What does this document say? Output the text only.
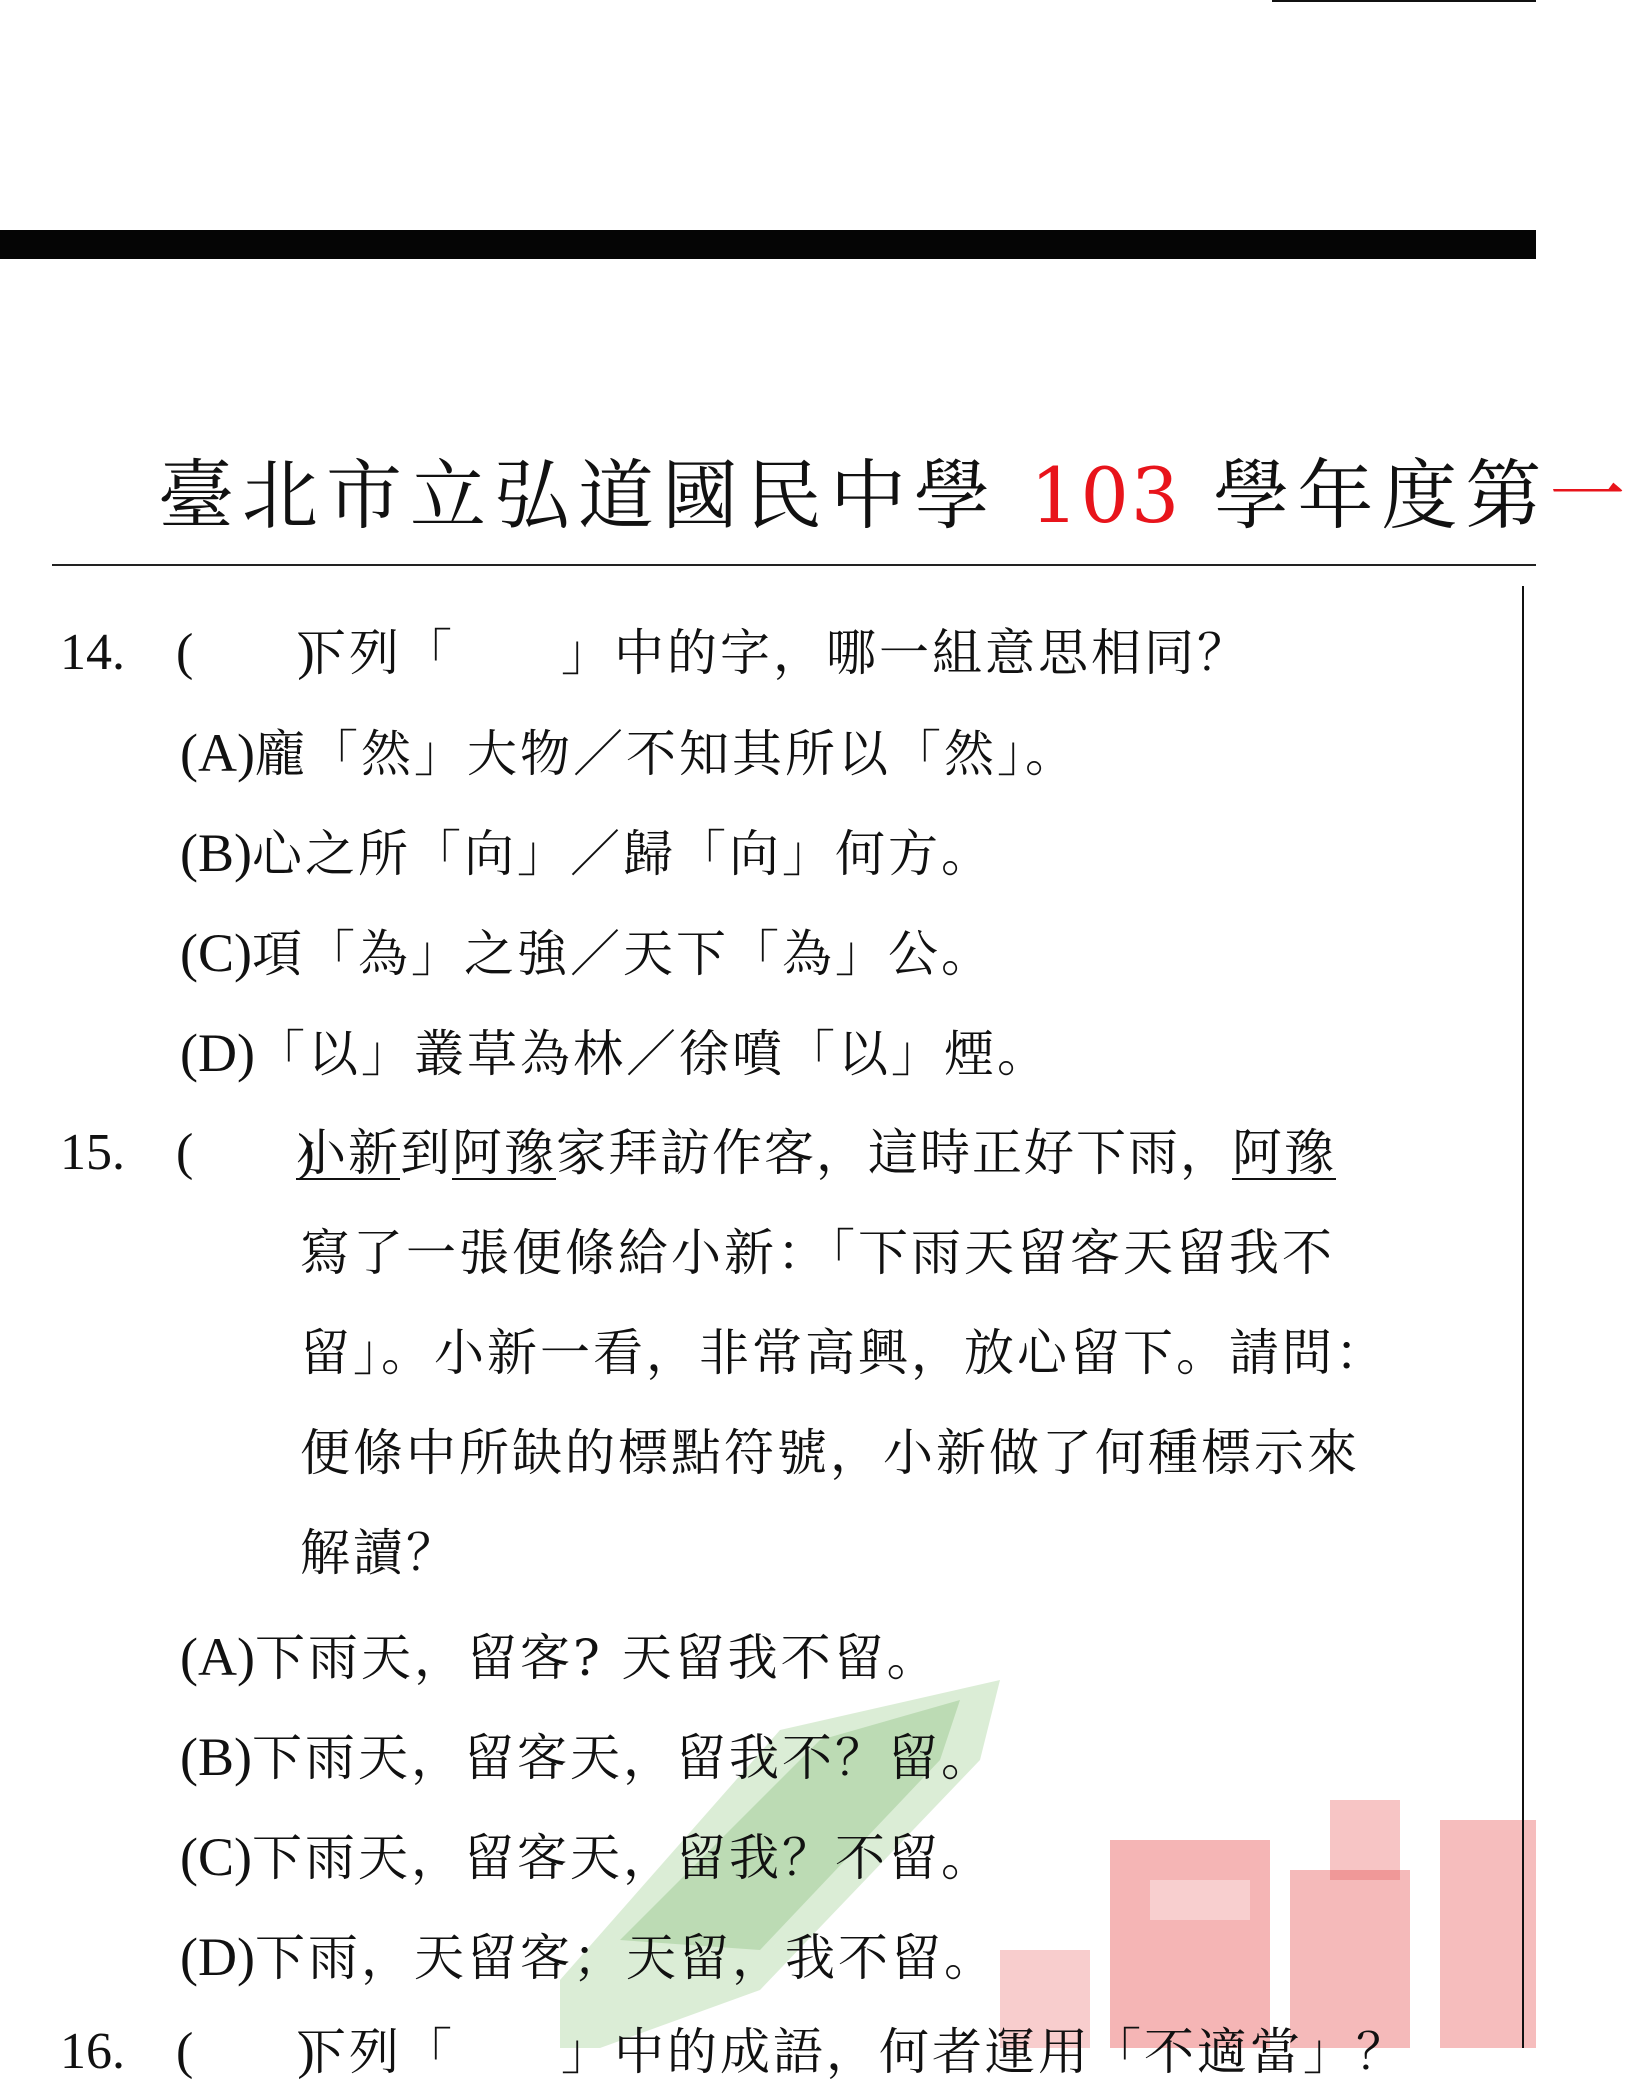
臺北市立弘道國民中學 103 學年度第一
14. (　　)
下列「　　」中的字，哪一組意思相同？
(A)龐「然」大物／不知其所以「然」。
(B)心之所「向」／歸「向」何方。
(C)項「為」之強／天下「為」公。
(D)「以」叢草為林／徐噴「以」煙。
15. (　　)
小新到阿豫家拜訪作客，這時正好下雨，阿豫
寫了一張便條給小新：「下雨天留客天留我不
留」。小新一看，非常高興，放心留下。請問：
便條中所缺的標點符號，小新做了何種標示來
解讀？
(A)下雨天，留客? 天留我不留。
(B)下雨天，留客天，留我不？留。
(C)下雨天，留客天，留我？不留。
(D)下雨，天留客；天留，我不留。
16. (　　)
下列「　　」中的成語，何者運用「不適當」？
